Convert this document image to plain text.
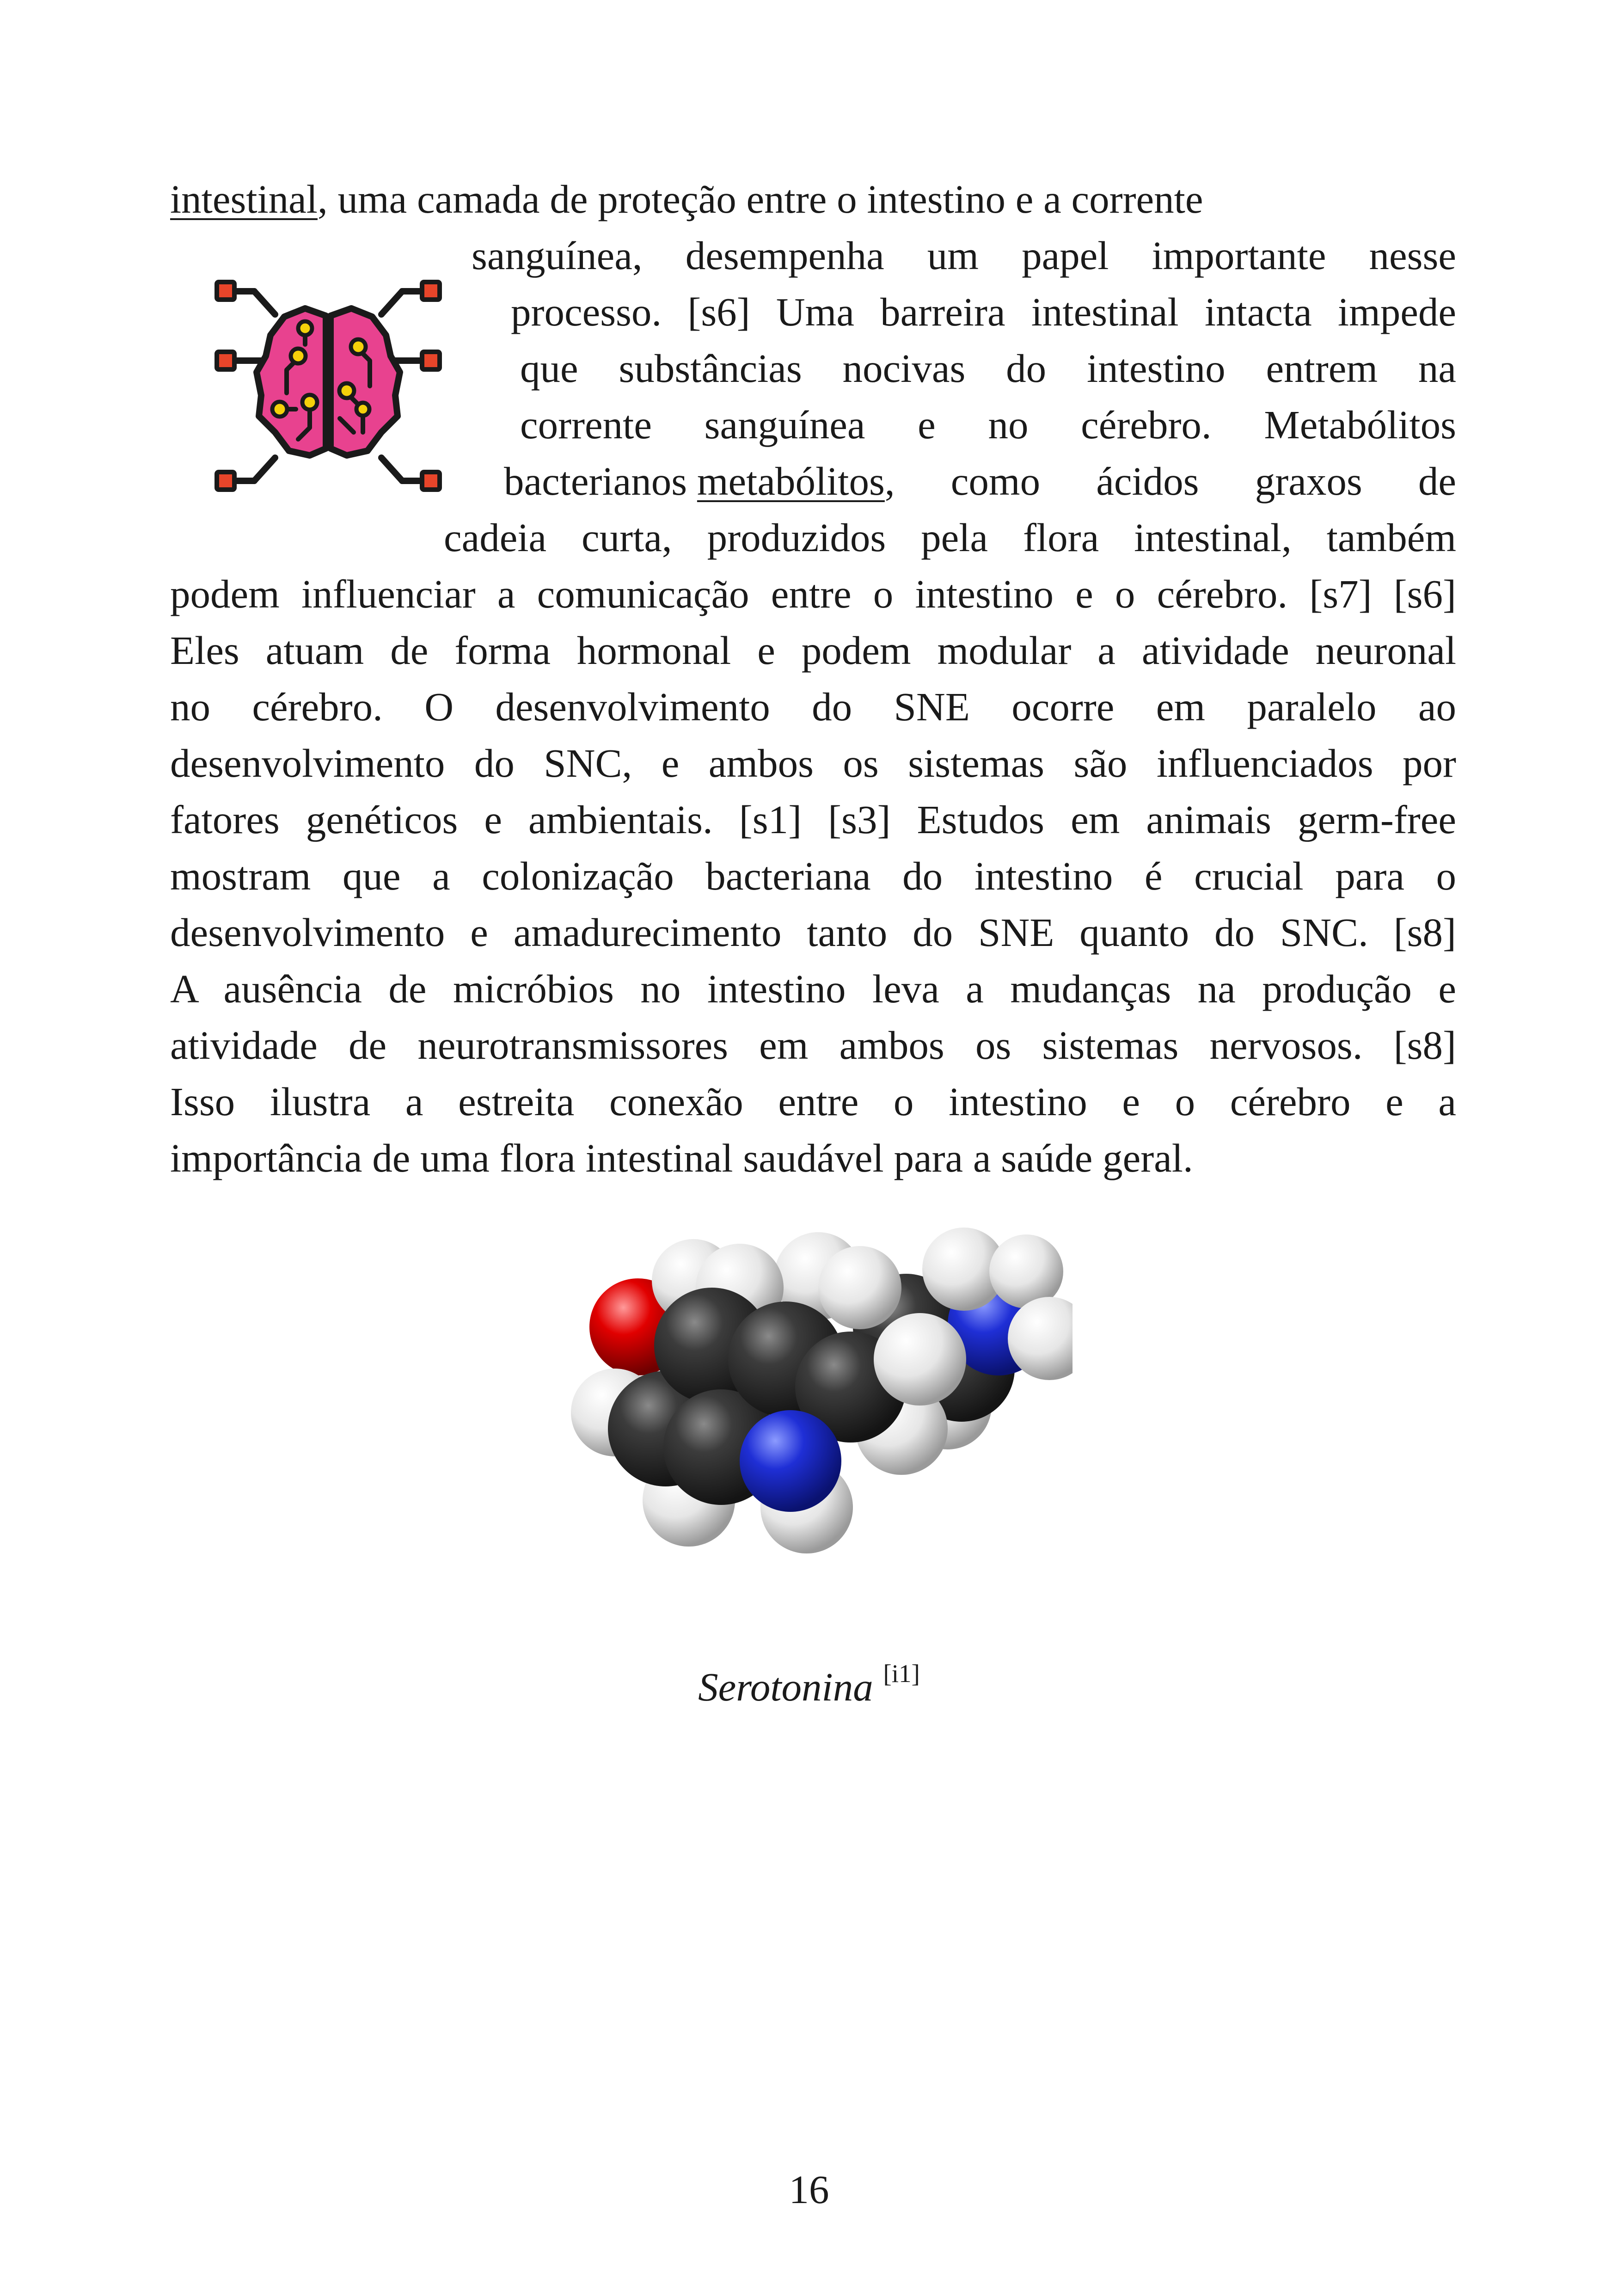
intestinal , uma camada de proteção entre o intestino e a corrente
sanguínea, desempenha um papel importante nesse
processo. [s6] Uma barreira intestinal intacta impede
que substâncias nocivas do intestino entrem na
corrente sanguínea e no cérebro. Metabólitos
bacterianos metabólitos , como ácidos graxos de
cadeia curta, produzidos pela flora intestinal, também
podem influenciar a comunicação entre o intestino e o cérebro. [s7] [s6]
Eles atuam de forma hormonal e podem modular a atividade neuronal
no cérebro. O desenvolvimento do SNE ocorre em paralelo ao
desenvolvimento do SNC, e ambos os sistemas são influenciados por
fatores genéticos e ambientais. [s1] [s3] Estudos em animais germ-free
mostram que a colonização bacteriana do intestino é crucial para o
desenvolvimento e amadurecimento tanto do SNE quanto do SNC. [s8]
A ausência de micróbios no intestino leva a mudanças na produção e
atividade de neurotransmissores em ambos os sistemas nervosos. [s8]
Isso ilustra a estreita conexão entre o intestino e o cérebro e a
importância de uma flora intestinal saudável para a saúde geral.
Serotonina [i1]
16
